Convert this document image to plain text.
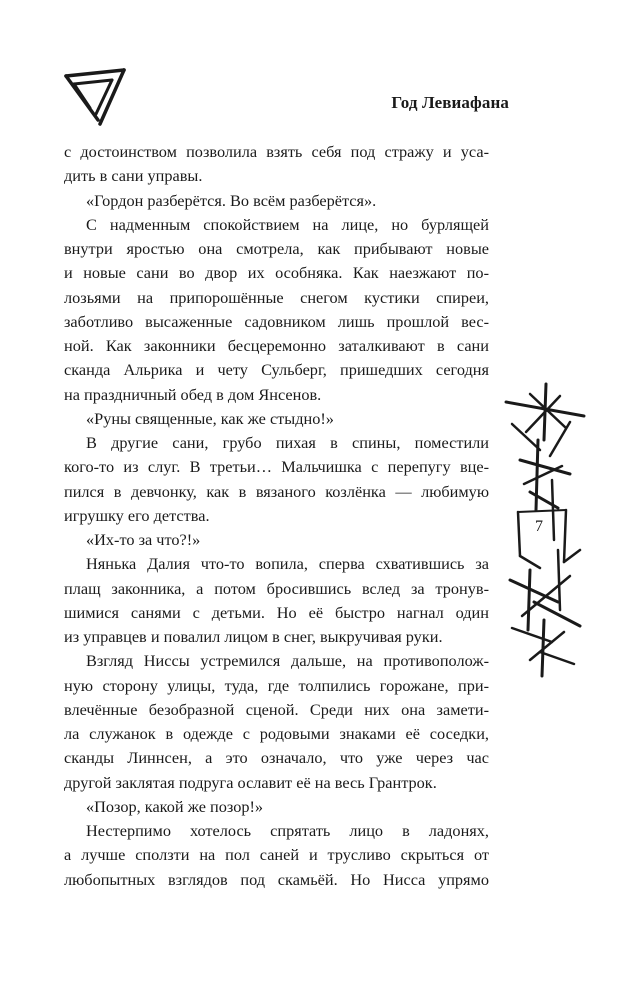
Год Левиафана

с достоинством позволила взять себя под стражу и уса-

дить в сани управы.

«Гордон разберётся. Во всём разберётся».

С надменным спокойствием на лице, но бурлящей

внутри яростью она смотрела, как прибывают новые

и новые сани во двор их особняка. Как наезжают по-

лозьями на припорошённые снегом кустики спиреи,

заботливо высаженные садовником лишь прошлой вес-

ной. Как законники бесцеремонно заталкивают в сани

сканда Альрика и чету Сульберг, пришедших сегодня

на праздничный обед в дом Янсенов.

«Руны священные, как же стыдно!»

В другие сани, грубо пихая в спины, поместили

кого-то из слуг. В третьи… Мальчишка с перепугу вце-

пился в девчонку, как в вязаного козлёнка — любимую

игрушку его детства.

«Их-то за что?!»

Нянька Далия что-то вопила, сперва схватившись за

плащ законника, а потом бросившись вслед за тронув-

шимися санями с детьми. Но её быстро нагнал один

из управцев и повалил лицом в снег, выкручивая руки.

Взгляд Ниссы устремился дальше, на противополож-

ную сторону улицы, туда, где толпились горожане, при-

влечённые безобразной сценой. Среди них она замети-

ла служанок в одежде с родовыми знаками её соседки,

сканды Линнсен, а это означало, что уже через час

другой заклятая подруга ославит её на весь Грантрок.

«Позор, какой же позор!»

Нестерпимо хотелось спрятать лицо в ладонях,

а лучше сползти на пол саней и трусливо скрыться от

любопытных взглядов под скамьёй. Но Нисса упрямо

7
